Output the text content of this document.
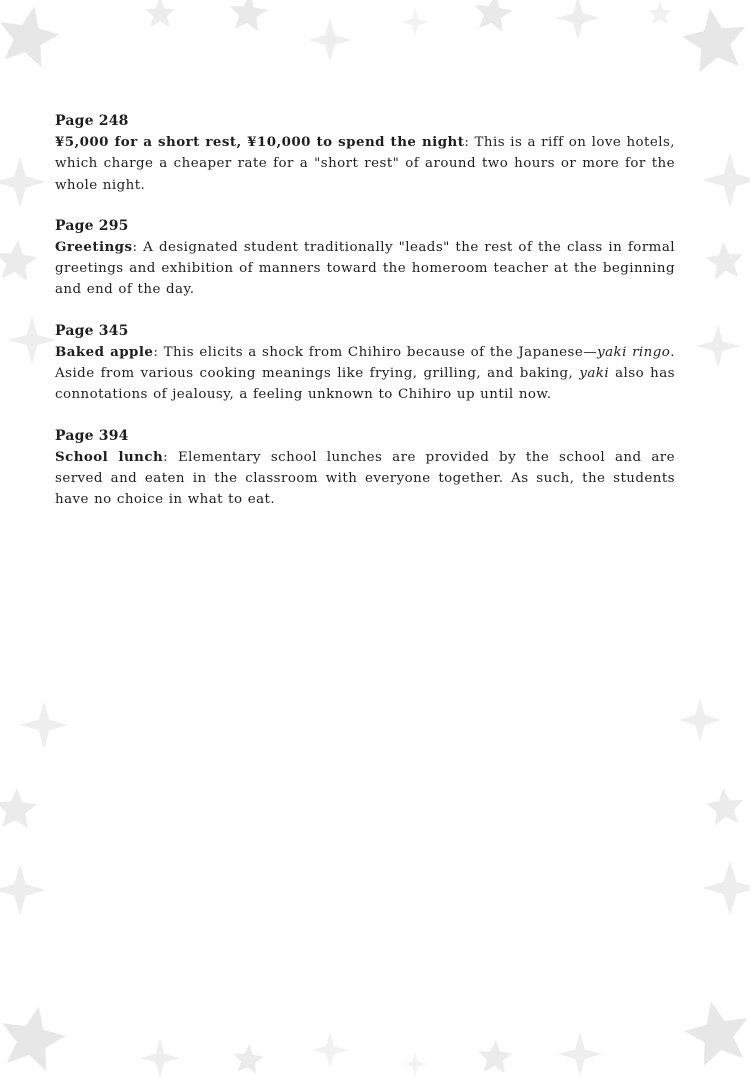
Page 248
¥5,000 for a short rest, ¥10,000 to spend the night: This is a riff on love hotels, which charge a cheaper rate for a "short rest" of around two hours or more for the whole night.
Page 295
Greetings: A designated student traditionally "leads" the rest of the class in formal greetings and exhibition of manners toward the homeroom teacher at the beginning and end of the day.
Page 345
Baked apple: This elicits a shock from Chihiro because of the Japanese—yaki ringo. Aside from various cooking meanings like frying, grilling, and baking, yaki also has connotations of jealousy, a feeling unknown to Chihiro up until now.
Page 394
School lunch: Elementary school lunches are provided by the school and are served and eaten in the classroom with everyone together. As such, the students have no choice in what to eat.
